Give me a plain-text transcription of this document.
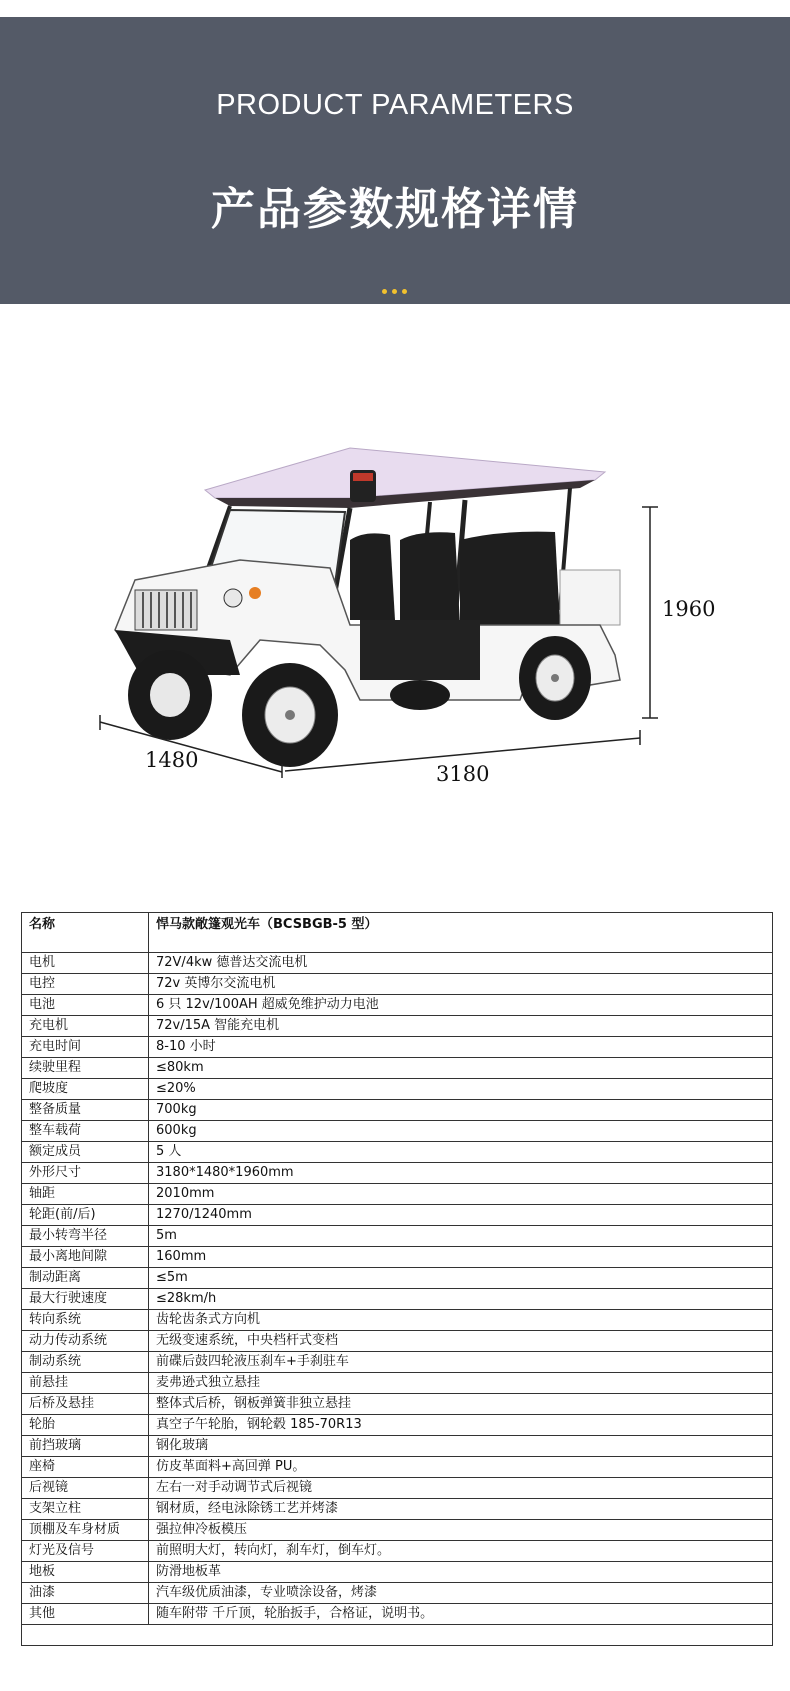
PRODUCT PARAMETERS
产品参数规格详情
1960
1480
3180
名称	悍马款敞篷观光车（BCSBGB-5 型）
电机	72V/4kw 德普达交流电机
电控	72v 英博尔交流电机
电池	6 只 12v/100AH 超威免维护动力电池
充电机	72v/15A 智能充电机
充电时间	8-10 小时
续驶里程	≤80km
爬坡度	≤20%
整备质量	700kg
整车载荷	600kg
额定成员	5 人
外形尺寸	3180*1480*1960mm
轴距	2010mm
轮距(前/后)	1270/1240mm
最小转弯半径	5m
最小离地间隙	160mm
制动距离	≤5m
最大行驶速度	≤28km/h
转向系统	齿轮齿条式方向机
动力传动系统	无级变速系统，中央档杆式变档
制动系统	前碟后鼓四轮液压刹车+手刹驻车
前悬挂	麦弗逊式独立悬挂
后桥及悬挂	整体式后桥，钢板弹簧非独立悬挂
轮胎	真空子午轮胎，钢轮毂 185-70R13
前挡玻璃	钢化玻璃
座椅	仿皮革面料+高回弹 PU。
后视镜	左右一对手动调节式后视镜
支架立柱	钢材质，经电泳除锈工艺并烤漆
顶棚及车身材质	强拉伸冷板模压
灯光及信号	前照明大灯，转向灯，刹车灯，倒车灯。
地板	防滑地板革
油漆	汽车级优质油漆，专业喷涂设备，烤漆
其他	随车附带 千斤顶，轮胎扳手，合格证，说明书。
